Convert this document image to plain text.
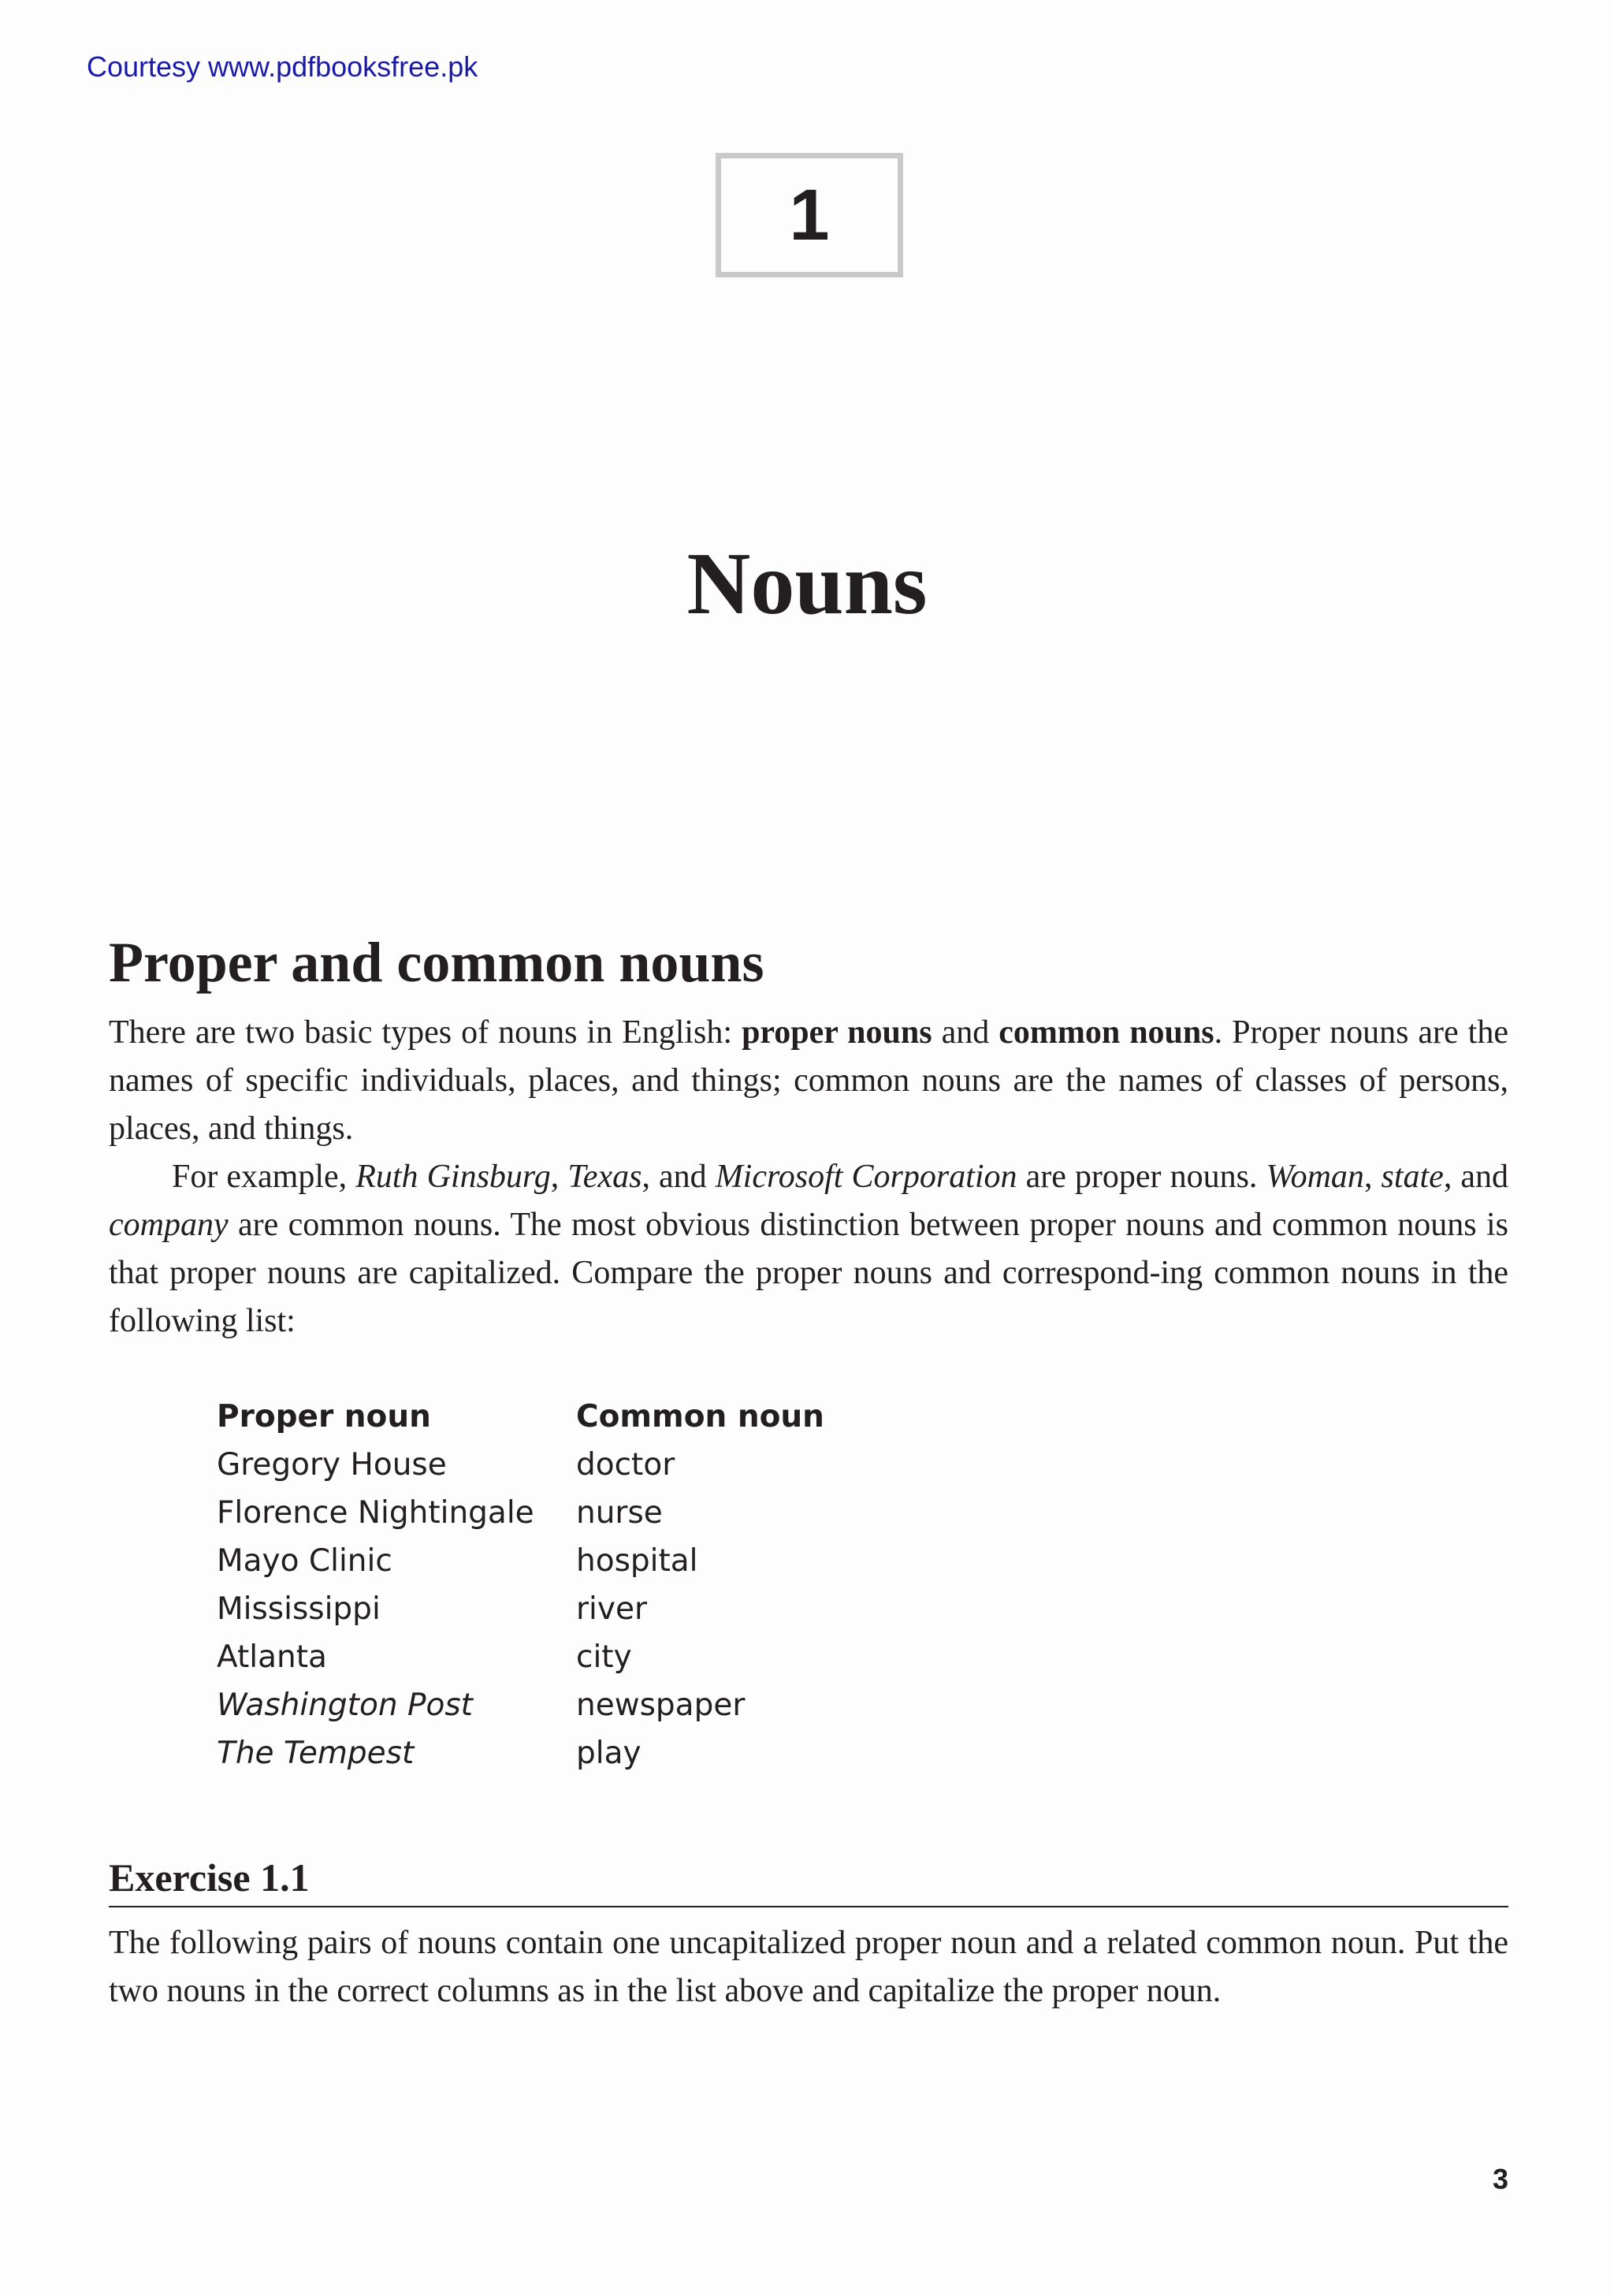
Courtesy www.pdfbooksfree.pk
1
Nouns
Proper and common nouns

There are two basic types of nouns in English: proper nouns and common nouns. Proper nouns are the names of specific individuals, places, and things; common nouns are the names of classes of persons, places, and things.

For example, Ruth Ginsburg, Texas, and Microsoft Corporation are proper nouns. Woman, state, and company are common nouns. The most obvious distinction between proper nouns and common nouns is that proper nouns are capitalized. Compare the proper nouns and correspond-ing common nouns in the following list:

Proper noun	Common noun
Gregory House	doctor
Florence Nightingale	nurse
Mayo Clinic	hospital
Mississippi	river
Atlanta	city
Washington Post	newspaper
The Tempest	play
Exercise 1.1

The following pairs of nouns contain one uncapitalized proper noun and a related common noun. Put the two nouns in the correct columns as in the list above and capitalize the proper noun.

3
